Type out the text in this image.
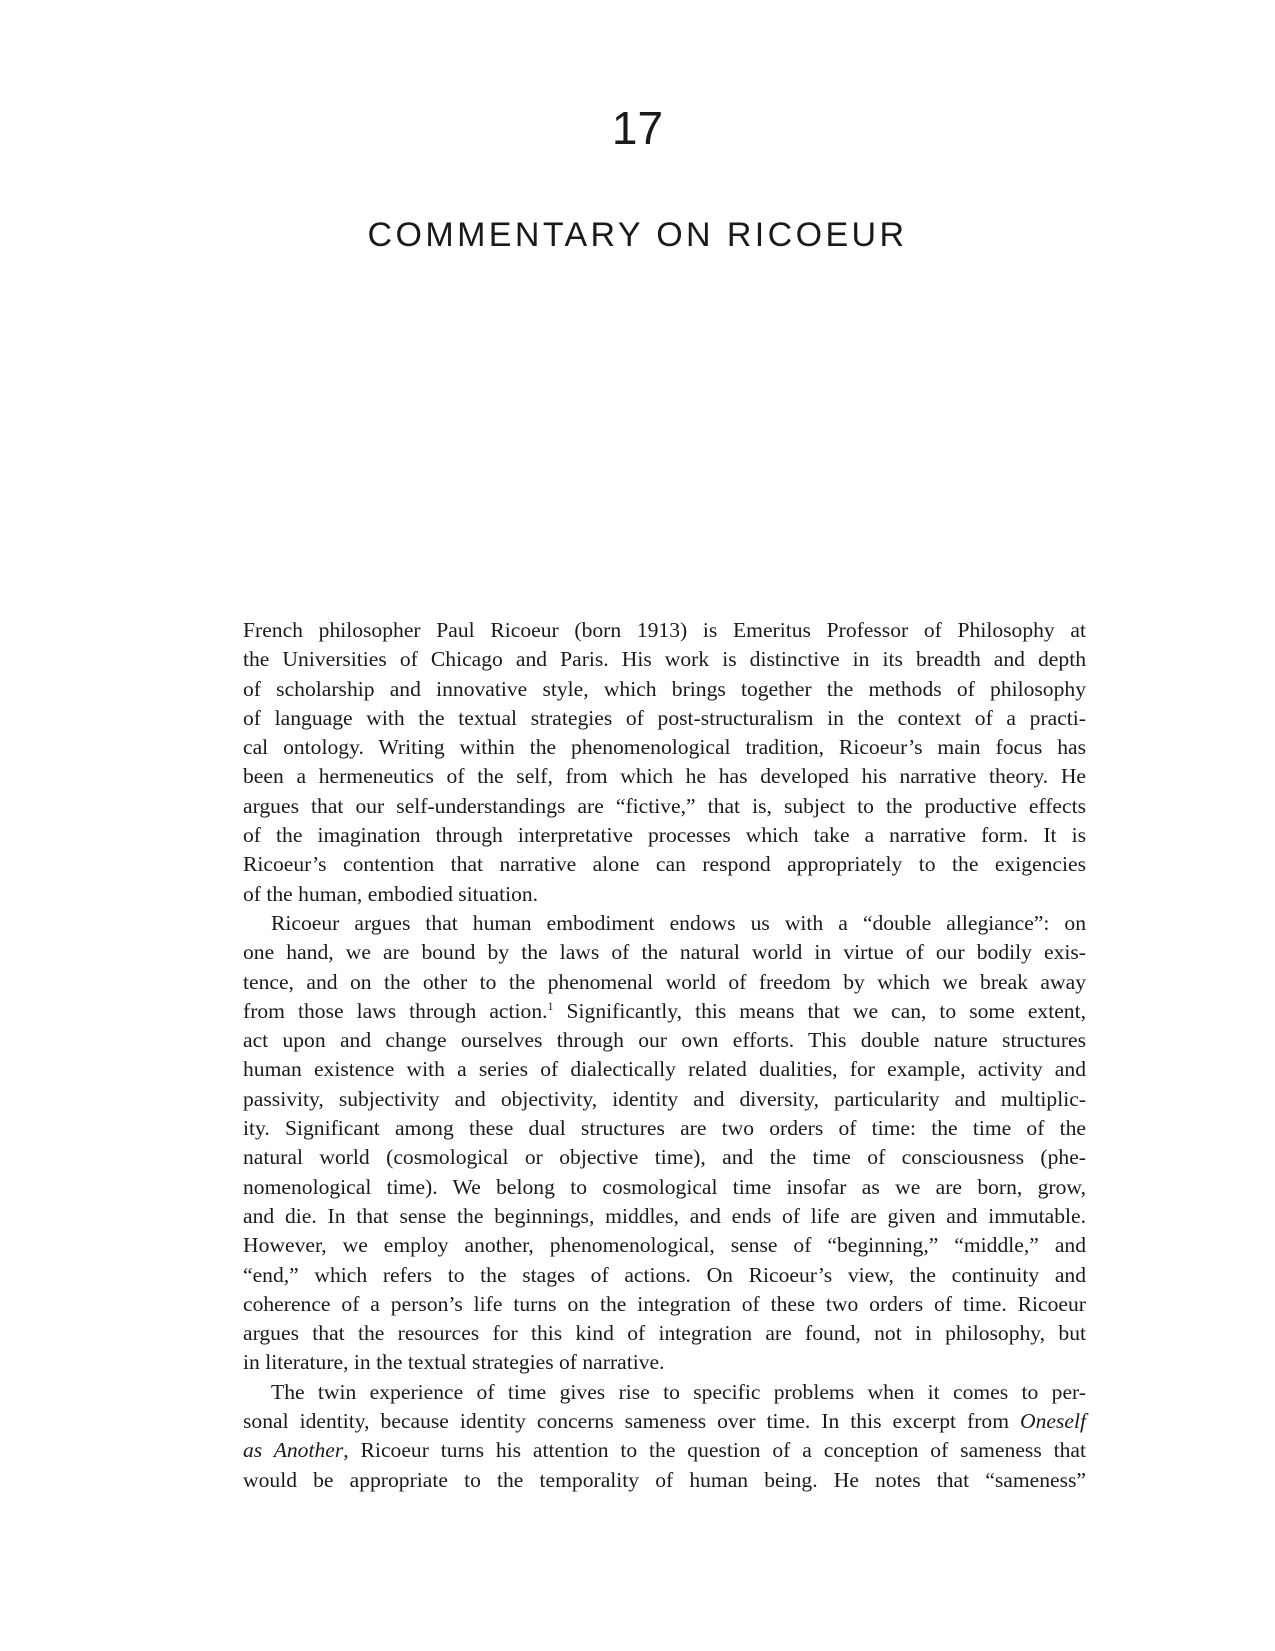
17
COMMENTARY ON RICOEUR
French philosopher Paul Ricoeur (born 1913) is Emeritus Professor of Philosophy at
the Universities of Chicago and Paris. His work is distinctive in its breadth and depth
of scholarship and innovative style, which brings together the methods of philosophy
of language with the textual strategies of post-structuralism in the context of a practi-
cal ontology. Writing within the phenomenological tradition, Ricoeur’s main focus has
been a hermeneutics of the self, from which he has developed his narrative theory. He
argues that our self-understandings are “fictive,” that is, subject to the productive effects
of the imagination through interpretative processes which take a narrative form. It is
Ricoeur’s contention that narrative alone can respond appropriately to the exigencies
of the human, embodied situation.
Ricoeur argues that human embodiment endows us with a “double allegiance”: on
one hand, we are bound by the laws of the natural world in virtue of our bodily exis-
tence, and on the other to the phenomenal world of freedom by which we break away
from those laws through action.$^1$ Significantly, this means that we can, to some extent,
act upon and change ourselves through our own efforts. This double nature structures
human existence with a series of dialectically related dualities, for example, activity and
passivity, subjectivity and objectivity, identity and diversity, particularity and multiplic-
ity. Significant among these dual structures are two orders of time: the time of the
natural world (cosmological or objective time), and the time of consciousness (phe-
nomenological time). We belong to cosmological time insofar as we are born, grow,
and die. In that sense the beginnings, middles, and ends of life are given and immutable.
However, we employ another, phenomenological, sense of “beginning,” “middle,” and
“end,” which refers to the stages of actions. On Ricoeur’s view, the continuity and
coherence of a person’s life turns on the integration of these two orders of time. Ricoeur
argues that the resources for this kind of integration are found, not in philosophy, but
in literature, in the textual strategies of narrative.
The twin experience of time gives rise to specific problems when it comes to per-
sonal identity, because identity concerns sameness over time. In this excerpt from Oneself
as Another, Ricoeur turns his attention to the question of a conception of sameness that
would be appropriate to the temporality of human being. He notes that “sameness”
